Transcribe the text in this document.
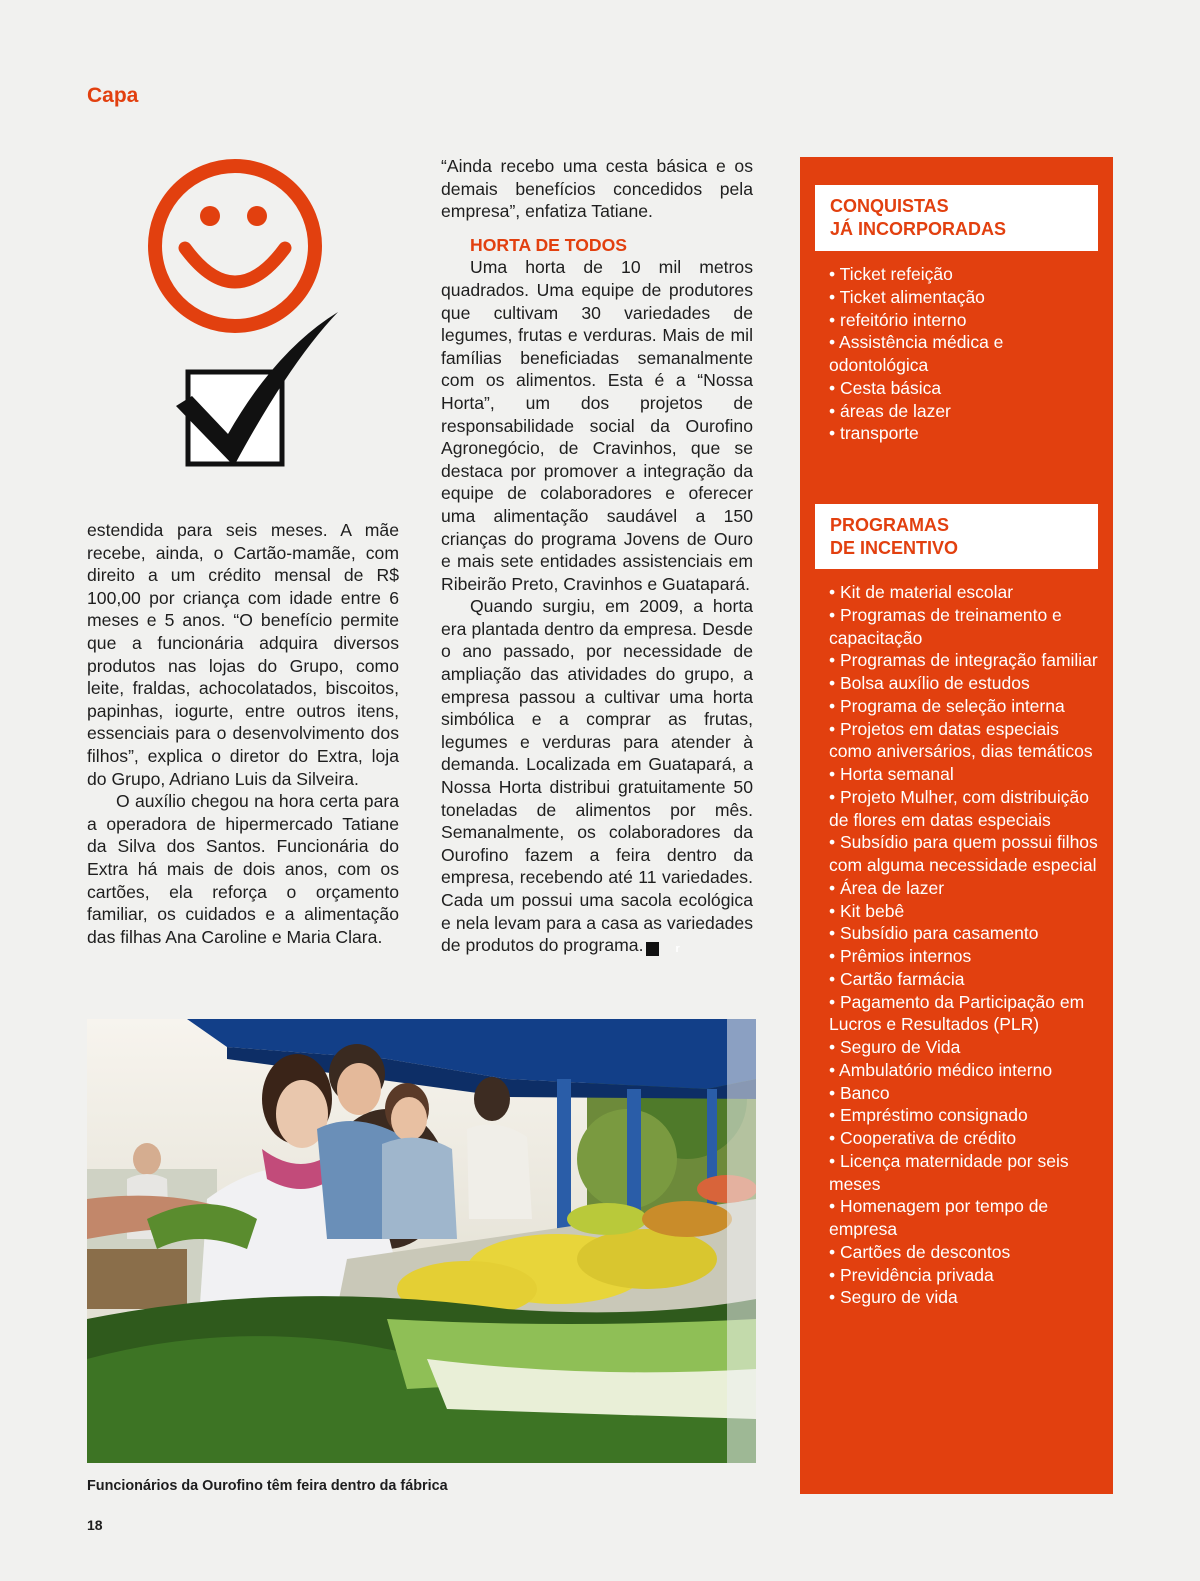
Capa

estendida para seis meses. A mãe recebe, ainda, o Cartão-mamãe, com direito a um crédito mensal de R$ 100,00 por criança com idade entre 6 meses e 5 anos. “O benefício permite que a funcionária adquira diversos produtos nas lojas do Grupo, como leite, fraldas, achocolatados, biscoitos, papinhas, iogurte, entre outros itens, essenciais para o desenvolvimento dos filhos”, explica o diretor do Extra, loja do Grupo, Adriano Luis da Silveira.

O auxílio chegou na hora certa para a operadora de hipermercado Tatiane da Silva dos Santos. Funcionária do Extra há mais de dois anos, com os cartões, ela reforça o orçamento familiar, os cuidados e a alimentação das filhas Ana Caroline e Maria Clara.

“Ainda recebo uma cesta básica e os demais benefícios concedidos pela empresa”, enfatiza Tatiane.

HORTA DE TODOS

Uma horta de 10 mil metros quadrados. Uma equipe de produtores que cultivam 30 variedades de legumes, frutas e verduras. Mais de mil famílias beneficiadas semanalmente com os alimentos. Esta é a “Nossa Horta”, um dos projetos de responsabilidade social da Ourofino Agronegócio, de Cravinhos, que se destaca por promover a integração da equipe de colaboradores e oferecer uma alimentação saudável a 150 crianças do programa Jovens de Ouro e mais sete entidades assistenciais em Ribeirão Preto, Cravinhos e Guatapará.

Quando surgiu, em 2009, a horta era plantada dentro da empresa. Desde o ano passado, por necessidade de ampliação das atividades do grupo, a empresa passou a cultivar uma horta simbólica e a comprar as frutas, legumes e verduras para atender à demanda. Localizada em Guatapará, a Nossa Horta distribui gratuitamente 50 toneladas de alimentos por mês. Semanalmente, os colaboradores da Ourofino fazem a feira dentro da empresa, recebendo até 11 variedades. Cada um possui uma sacola ecológica e nela levam para a casa as variedades de produtos do programa.	r

Funcionários da Ourofino têm feira dentro da fábrica
18
CONQUISTAS
JÁ INCORPORADAS
• Ticket refeição
• Ticket alimentação
• refeitório interno
• Assistência médica e odontológica
• Cesta básica
• áreas de lazer
• transporte
PROGRAMAS
DE INCENTIVO
• Kit de material escolar
• Programas de treinamento e capacitação
• Programas de integração familiar
• Bolsa auxílio de estudos
• Programa de seleção interna
• Projetos em datas especiais como aniversários, dias temáticos
• Horta semanal
• Projeto Mulher, com distribuição de flores em datas especiais
• Subsídio para quem possui filhos com alguma necessidade especial
• Área de lazer
• Kit bebê
• Subsídio para casamento
• Prêmios internos
• Cartão farmácia
• Pagamento da Participação em Lucros e Resultados (PLR)
• Seguro de Vida
• Ambulatório médico interno
• Banco
• Empréstimo consignado
• Cooperativa de crédito
• Licença maternidade por seis meses
• Homenagem por tempo de empresa
• Cartões de descontos
• Previdência privada
• Seguro de vida
